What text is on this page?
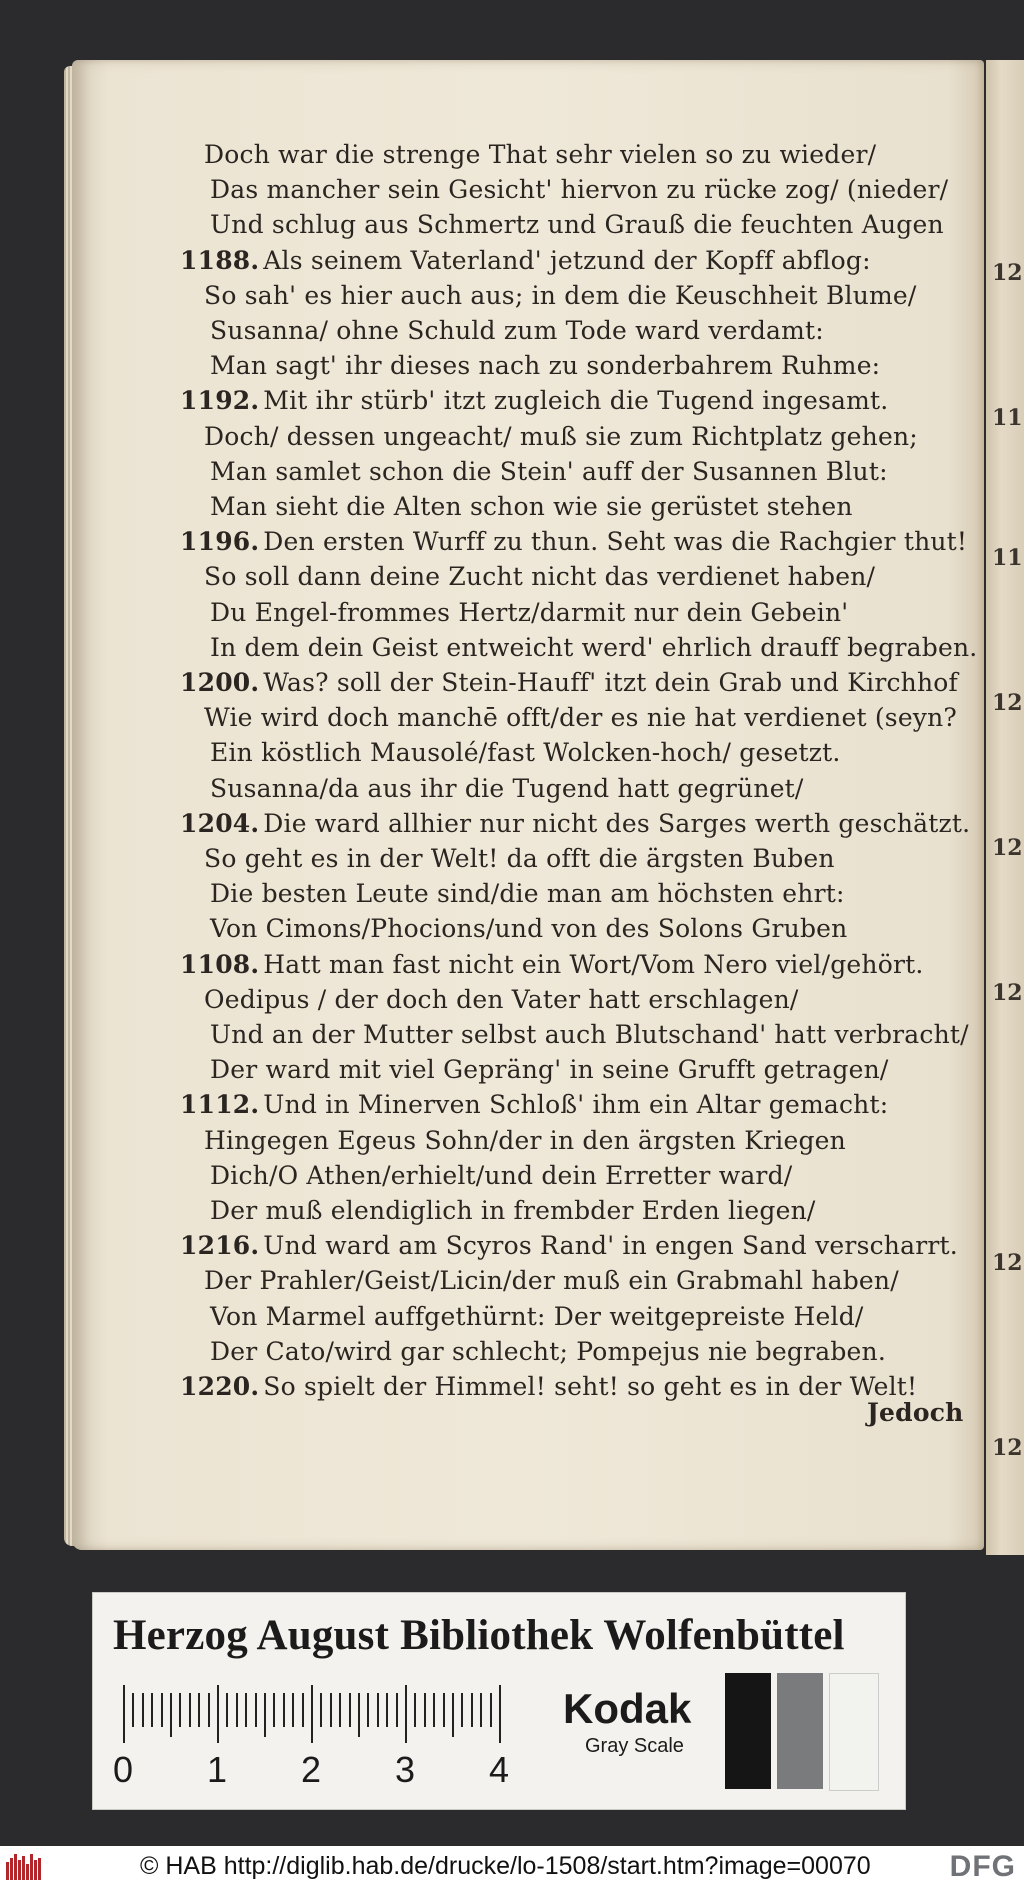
12
11
11
12
12
12
12
12
Doch war die strenge That sehr vielen so zu wieder/
Das mancher sein Gesicht' hiervon zu rücke zog/ (nieder/
Und schlug aus Schmertz und Grauß die feuchten Augen
1188. Als seinem Vaterland' jetzund der Kopff abflog:
So sah' es hier auch aus; in dem die Keuschheit Blume/
Susanna/ ohne Schuld zum Tode ward verdamt:
Man sagt' ihr dieses nach zu sonderbahrem Ruhme:
1192. Mit ihr stürb' itzt zugleich die Tugend ingesamt.
Doch/ dessen ungeacht/ muß sie zum Richtplatz gehen;
Man samlet schon die Stein' auff der Susannen Blut:
Man sieht die Alten schon wie sie gerüstet stehen
1196. Den ersten Wurff zu thun. Seht was die Rachgier thut!
So soll dann deine Zucht nicht das verdienet haben/
Du Engel-frommes Hertz/darmit nur dein Gebein'
In dem dein Geist entweicht werd' ehrlich drauff begraben.
1200. Was? soll der Stein-Hauff' itzt dein Grab und Kirchhof
Wie wird doch manchē offt/der es nie hat verdienet (seyn?
Ein köstlich Mausolé/fast Wolcken-hoch/ gesetzt.
Susanna/da aus ihr die Tugend hatt gegrünet/
1204. Die ward allhier nur nicht des Sarges werth geschätzt.
So geht es in der Welt! da offt die ärgsten Buben
Die besten Leute sind/die man am höchsten ehrt:
Von Cimons/Phocions/und von des Solons Gruben
1108. Hatt man fast nicht ein Wort/Vom Nero viel/gehört.
Oedipus / der doch den Vater hatt erschlagen/
Und an der Mutter selbst auch Blutschand' hatt verbracht/
Der ward mit viel Gepräng' in seine Grufft getragen/
1112. Und in Minerven Schloß' ihm ein Altar gemacht:
Hingegen Egeus Sohn/der in den ärgsten Kriegen
Dich/O Athen/erhielt/und dein Erretter ward/
Der muß elendiglich in frembder Erden liegen/
1216. Und ward am Scyros Rand' in engen Sand verscharrt.
Der Prahler/Geist/Licin/der muß ein Grabmahl haben/
Von Marmel auffgethürnt: Der weitgepreiste Held/
Der Cato/wird gar schlecht; Pompejus nie begraben.
1220. So spielt der Himmel! seht! so geht es in der Welt!
Jedoch
Herzog August Bibliothek Wolfenbüttel
0 1 2 3 4
Kodak
Gray Scale
© HAB http://diglib.hab.de/drucke/lo-1508/start.htm?image=00070	DFG
